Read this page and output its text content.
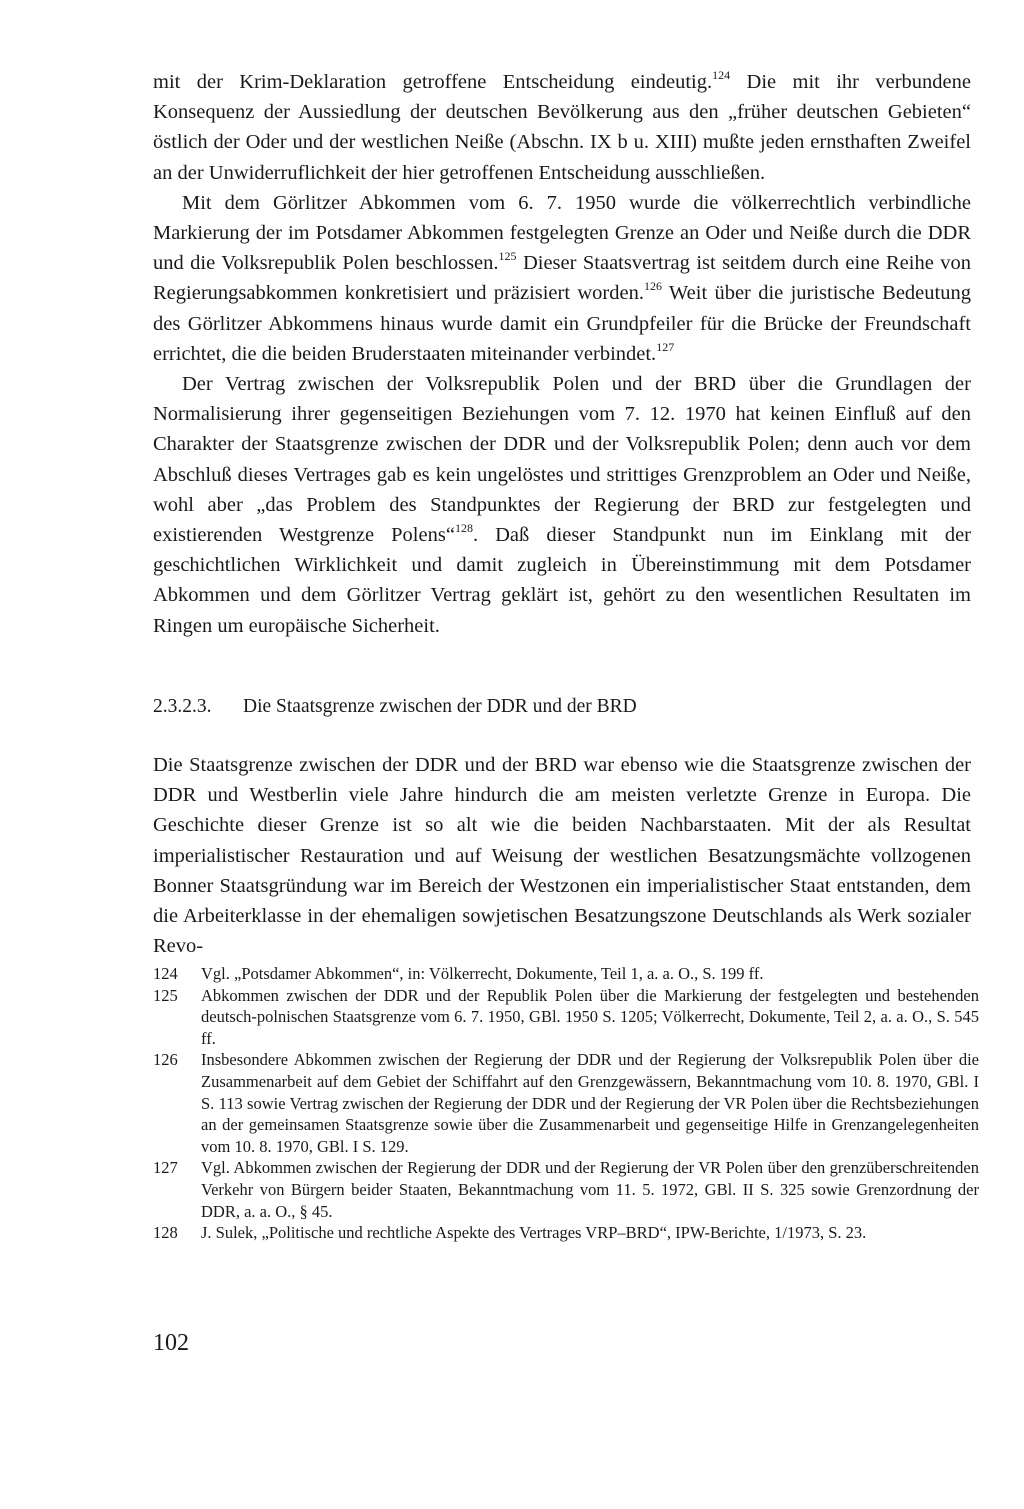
mit der Krim-Deklaration getroffene Entscheidung eindeutig.$^{124}$ Die mit ihr verbundene Konsequenz der Aussiedlung der deutschen Bevölkerung aus den „früher deutschen Gebieten“ östlich der Oder und der westlichen Neiße (Abschn. IX b u. XIII) mußte jeden ernsthaften Zweifel an der Unwiderruflichkeit der hier getroffenen Entscheidung ausschließen.

Mit dem Görlitzer Abkommen vom 6. 7. 1950 wurde die völkerrechtlich verbindliche Markierung der im Potsdamer Abkommen festgelegten Grenze an Oder und Neiße durch die DDR und die Volksrepublik Polen beschlossen.$^{125}$ Dieser Staatsvertrag ist seitdem durch eine Reihe von Regierungsabkommen konkretisiert und präzisiert worden.$^{126}$ Weit über die juristische Bedeutung des Görlitzer Abkommens hinaus wurde damit ein Grundpfeiler für die Brücke der Freundschaft errichtet, die die beiden Bruderstaaten miteinander verbindet.$^{127}$

Der Vertrag zwischen der Volksrepublik Polen und der BRD über die Grundlagen der Normalisierung ihrer gegenseitigen Beziehungen vom 7. 12. 1970 hat keinen Einfluß auf den Charakter der Staatsgrenze zwischen der DDR und der Volksrepublik Polen; denn auch vor dem Abschluß dieses Vertrages gab es kein ungelöstes und strittiges Grenzproblem an Oder und Neiße, wohl aber „das Problem des Standpunktes der Regierung der BRD zur festgelegten und existierenden Westgrenze Polens“$^{128}$. Daß dieser Standpunkt nun im Einklang mit der geschichtlichen Wirklichkeit und damit zugleich in Übereinstimmung mit dem Potsdamer Abkommen und dem Görlitzer Vertrag geklärt ist, gehört zu den wesentlichen Resultaten im Ringen um europäische Sicherheit.

2.3.2.3. Die Staatsgrenze zwischen der DDR und der BRD

Die Staatsgrenze zwischen der DDR und der BRD war ebenso wie die Staatsgrenze zwischen der DDR und Westberlin viele Jahre hindurch die am meisten verletzte Grenze in Europa. Die Geschichte dieser Grenze ist so alt wie die beiden Nachbarstaaten. Mit der als Resultat imperialistischer Restauration und auf Weisung der westlichen Besatzungsmächte vollzogenen Bonner Staatsgründung war im Bereich der Westzonen ein imperialistischer Staat entstanden, dem die Arbeiterklasse in der ehemaligen sowjetischen Besatzungszone Deutschlands als Werk sozialer Revo-

124 Vgl. „Potsdamer Abkommen“, in: Völkerrecht, Dokumente, Teil 1, a. a. O., S. 199 ff.

125 Abkommen zwischen der DDR und der Republik Polen über die Markierung der festgelegten und bestehenden deutsch-polnischen Staatsgrenze vom 6. 7. 1950, GBl. 1950 S. 1205; Völkerrecht, Dokumente, Teil 2, a. a. O., S. 545 ff.

126 Insbesondere Abkommen zwischen der Regierung der DDR und der Regierung der Volksrepublik Polen über die Zusammenarbeit auf dem Gebiet der Schiffahrt auf den Grenzgewässern, Bekanntmachung vom 10. 8. 1970, GBl. I S. 113 sowie Vertrag zwischen der Regierung der DDR und der Regierung der VR Polen über die Rechtsbeziehungen an der gemeinsamen Staatsgrenze sowie über die Zusammenarbeit und gegenseitige Hilfe in Grenzangelegenheiten vom 10. 8. 1970, GBl. I S. 129.

127 Vgl. Abkommen zwischen der Regierung der DDR und der Regierung der VR Polen über den grenzüberschreitenden Verkehr von Bürgern beider Staaten, Bekanntmachung vom 11. 5. 1972, GBl. II S. 325 sowie Grenzordnung der DDR, a. a. O., § 45.

128 J. Sulek, „Politische und rechtliche Aspekte des Vertrages VRP–BRD“, IPW-Berichte, 1/1973, S. 23.

102
